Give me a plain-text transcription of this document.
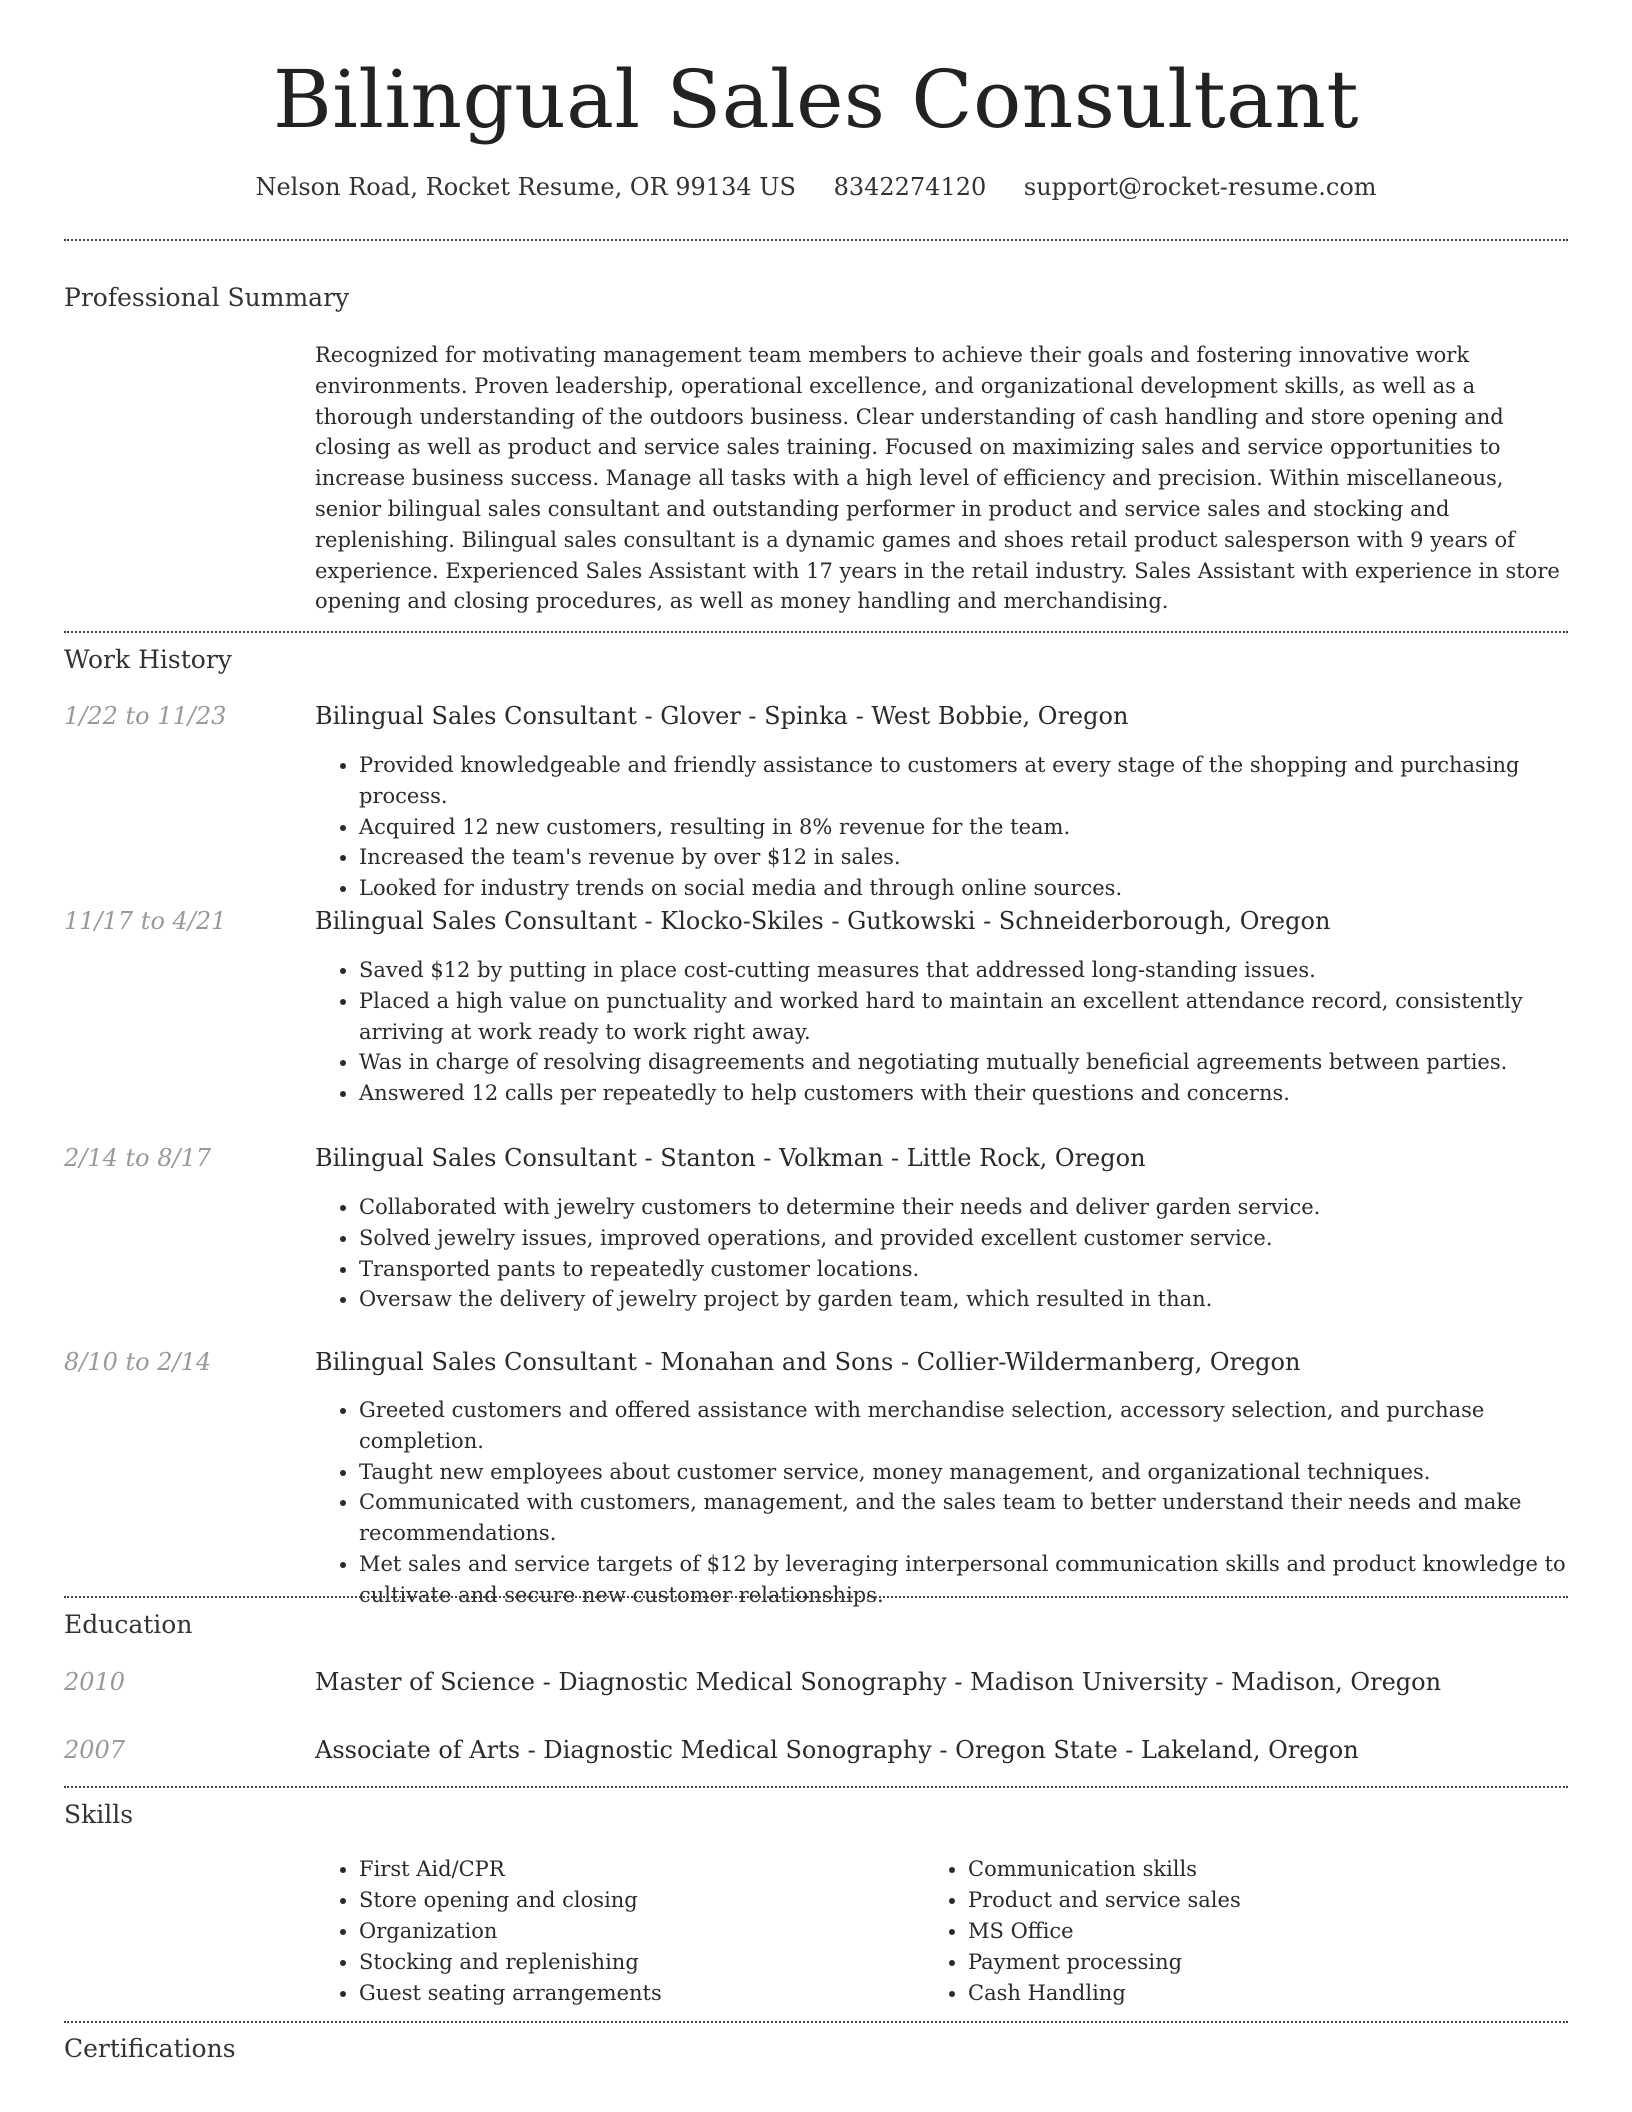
Bilingual Sales Consultant
Nelson Road, Rocket Resume, OR 99134 US 8342274120 support@rocket-resume.com
Professional Summary
Recognized for motivating management team members to achieve their goals and fostering innovative work environments. Proven leadership, operational excellence, and organizational development skills, as well as a thorough understanding of the outdoors business. Clear understanding of cash handling and store opening and closing as well as product and service sales training. Focused on maximizing sales and service opportunities to increase business success. Manage all tasks with a high level of efficiency and precision. Within miscellaneous, senior bilingual sales consultant and outstanding performer in product and service sales and stocking and replenishing. Bilingual sales consultant is a dynamic games and shoes retail product salesperson with 9 years of experience. Experienced Sales Assistant with 17 years in the retail industry. Sales Assistant with experience in store opening and closing procedures, as well as money handling and merchandising.
Work History
1/22 to 11/23	Bilingual Sales Consultant - Glover - Spinka - West Bobbie, Oregon
• Provided knowledgeable and friendly assistance to customers at every stage of the shopping and purchasing process.
• Acquired 12 new customers, resulting in 8% revenue for the team.
• Increased the team's revenue by over $12 in sales.
• Looked for industry trends on social media and through online sources.
11/17 to 4/21	Bilingual Sales Consultant - Klocko-Skiles - Gutkowski - Schneiderborough, Oregon
• Saved $12 by putting in place cost-cutting measures that addressed long-standing issues.
• Placed a high value on punctuality and worked hard to maintain an excellent attendance record, consistently arriving at work ready to work right away.
• Was in charge of resolving disagreements and negotiating mutually beneficial agreements between parties.
• Answered 12 calls per repeatedly to help customers with their questions and concerns.
2/14 to 8/17	Bilingual Sales Consultant - Stanton - Volkman - Little Rock, Oregon
• Collaborated with jewelry customers to determine their needs and deliver garden service.
• Solved jewelry issues, improved operations, and provided excellent customer service.
• Transported pants to repeatedly customer locations.
• Oversaw the delivery of jewelry project by garden team, which resulted in than.
8/10 to 2/14	Bilingual Sales Consultant - Monahan and Sons - Collier-Wildermanberg, Oregon
• Greeted customers and offered assistance with merchandise selection, accessory selection, and purchase completion.
• Taught new employees about customer service, money management, and organizational techniques.
• Communicated with customers, management, and the sales team to better understand their needs and make recommendations.
• Met sales and service targets of $12 by leveraging interpersonal communication skills and product knowledge to cultivate and secure new customer relationships.
Education
2010	Master of Science - Diagnostic Medical Sonography - Madison University - Madison, Oregon
2007	Associate of Arts - Diagnostic Medical Sonography - Oregon State - Lakeland, Oregon
Skills
• First Aid/CPR
• Store opening and closing
• Organization
• Stocking and replenishing
• Guest seating arrangements
• Communication skills
• Product and service sales
• MS Office
• Payment processing
• Cash Handling
Certifications
